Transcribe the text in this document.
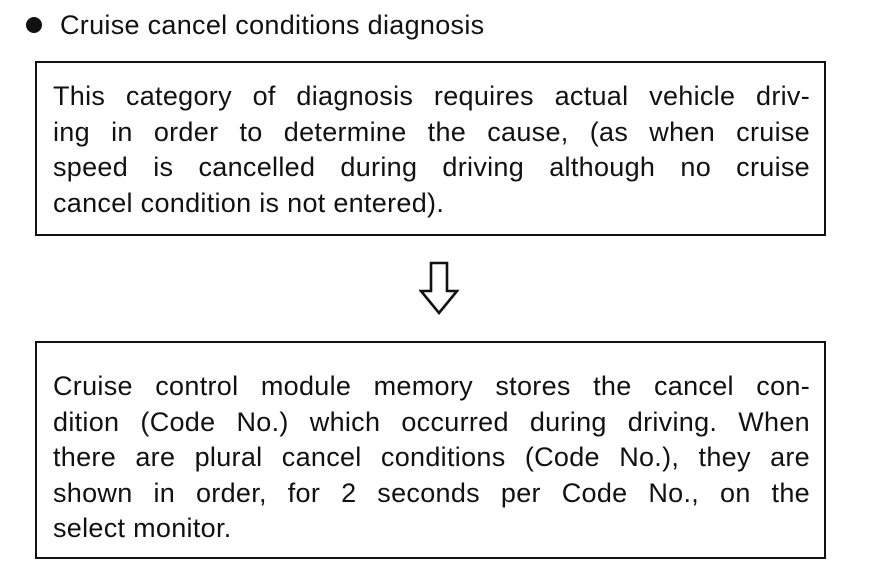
Cruise cancel conditions diagnosis
This category of diagnosis requires actual vehicle driv-
ing in order to determine the cause, (as when cruise
speed is cancelled during driving although no cruise
cancel condition is not entered).
Cruise control module memory stores the cancel con-
dition (Code No.) which occurred during driving. When
there are plural cancel conditions (Code No.), they are
shown in order, for 2 seconds per Code No., on the
select monitor.
